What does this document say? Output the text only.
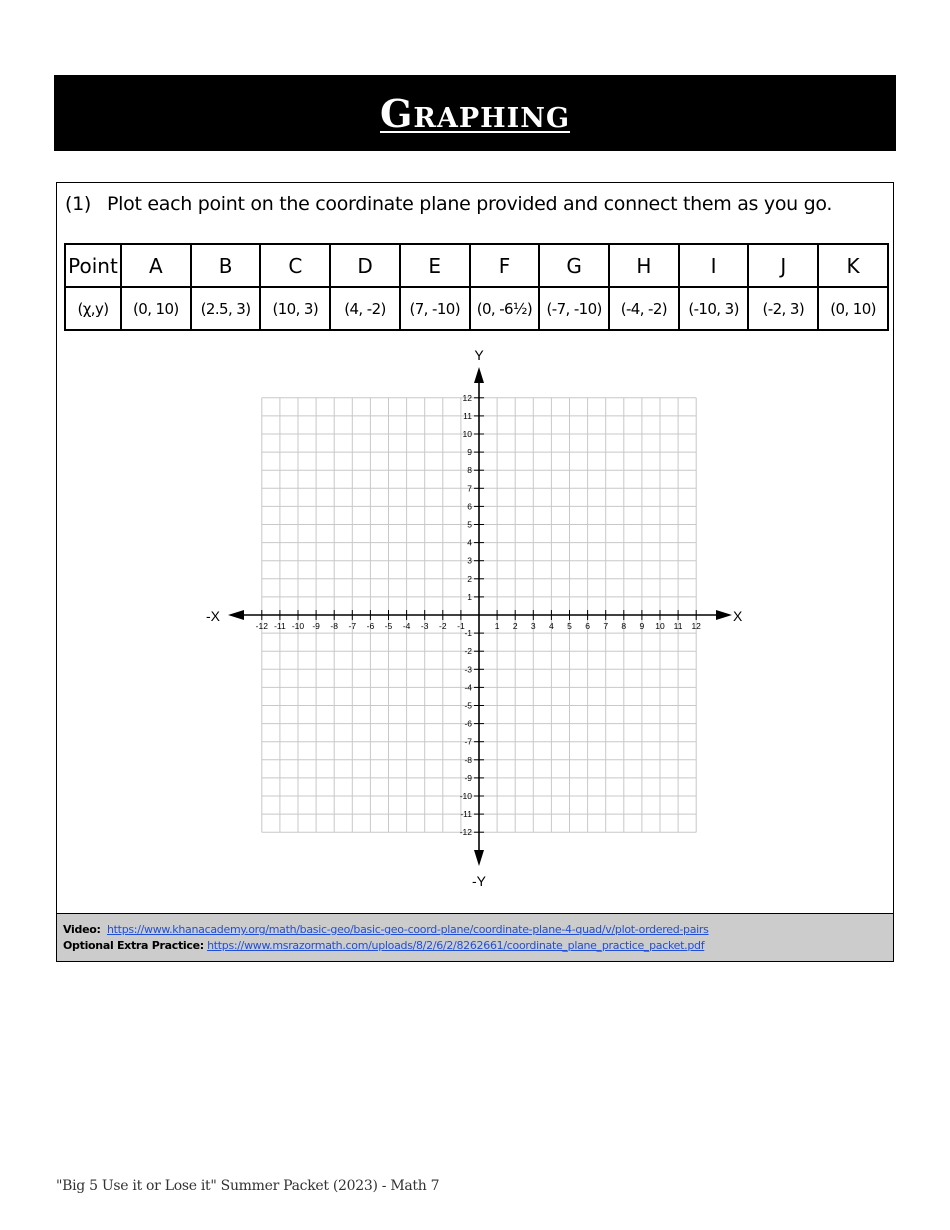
Graphing
(1) Plot each point on the coordinate plane provided and connect them as you go.
Point	A	B	C	D	E	F	G	H	I	J	K
(χ,y)	(0, 10)	(2.5, 3)	(10, 3)	(4, -2)	(7, -10)	(0, -6½)	(-7, -10)	(-4, -2)	(-10, 3)	(-2, 3)	(0, 10)
Video: https://www.khanacademy.org/math/basic-geo/basic-geo-coord-plane/coordinate-plane-4-quad/v/plot-ordered-pairs
Optional Extra Practice: https://www.msrazormath.com/uploads/8/2/6/2/8262661/coordinate_plane_practice_packet.pdf
-12
-12
-11
-11
-10
-10
-9
-9
-8
-8
-7
-7
-6
-6
-5
-5
-4
-4
-3
-3
-2
-2
-1
-1
1
1
2
2
3
3
4
4
5
5
6
6
7
7
8
8
9
9
10
10
11
11
12
12
X
-X
Y
-Y
"Big 5 Use it or Lose it" Summer Packet (2023) - Math 7
